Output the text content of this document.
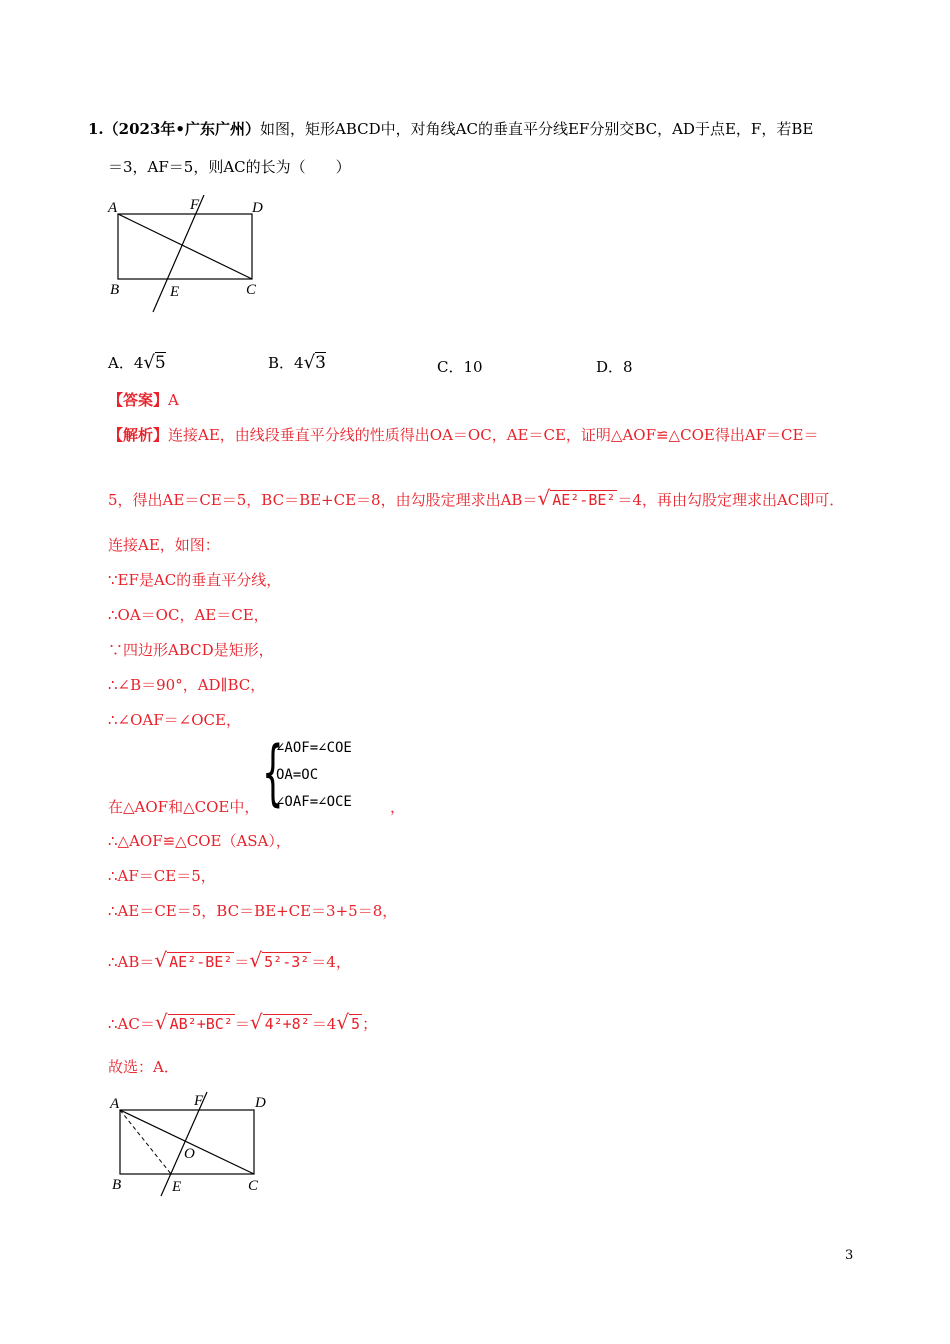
1.（2023年•广东广州）如图，矩形ABCD中，对角线AC的垂直平分线EF分别交BC，AD于点E，F，若BE
＝3，AF＝5，则AC的长为（　　）
A	F	D
B	E	C
A．4√5	B．4√3	C．10	D．8
【答案】A
【解析】连接AE，由线段垂直平分线的性质得出OA＝OC，AE＝CE，证明△AOF≌△COE得出AF＝CE＝
5，得出AE＝CE＝5，BC＝BE+CE＝8，由勾股定理求出AB＝√ AE²-BE² ＝4，再由勾股定理求出AC即可．
连接AE，如图：
∵EF是AC的垂直平分线，
∴OA＝OC，AE＝CE，
∵四边形ABCD是矩形，
∴∠B＝90°，AD∥BC，
∴∠OAF＝∠OCE，
{
∠AOF=∠COE
OA=OC
∠OAF=∠OCE
在△AOF和△COE中，	，
∴△AOF≌△COE（ASA），
∴AF＝CE＝5，
∴AE＝CE＝5，BC＝BE+CE＝3+5＝8，
∴AB＝√ AE²-BE² ＝√ 5²-3² ＝4，
∴AC＝√ AB²+BC² ＝√ 4²+8² ＝4√ 5 ；
故选：A．
A	F	D
O
B	E	C
3
